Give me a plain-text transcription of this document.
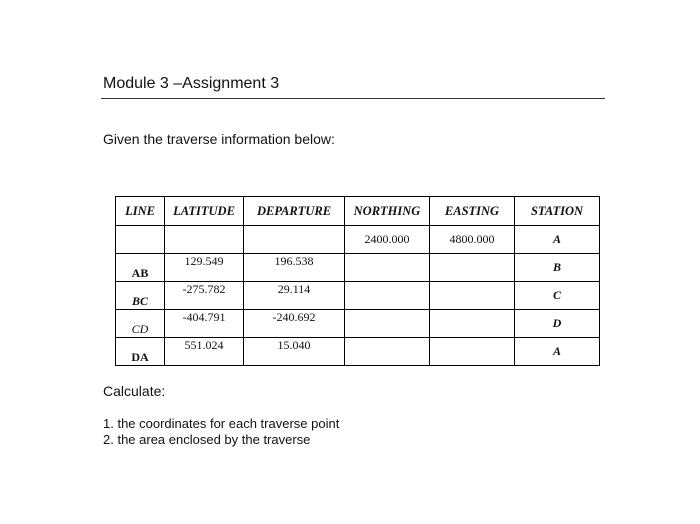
Module 3 –Assignment 3
Given the traverse information below:
LINE	LATITUDE	DEPARTURE	NORTHING	EASTING	STATION
			2400.000	4800.000	A
AB	129.549	196.538			B
BC	-275.782	29.114			C
CD	-404.791	-240.692			D
DA	551.024	15.040			A
Calculate:
1. the coordinates for each traverse point
2. the area enclosed by the traverse
